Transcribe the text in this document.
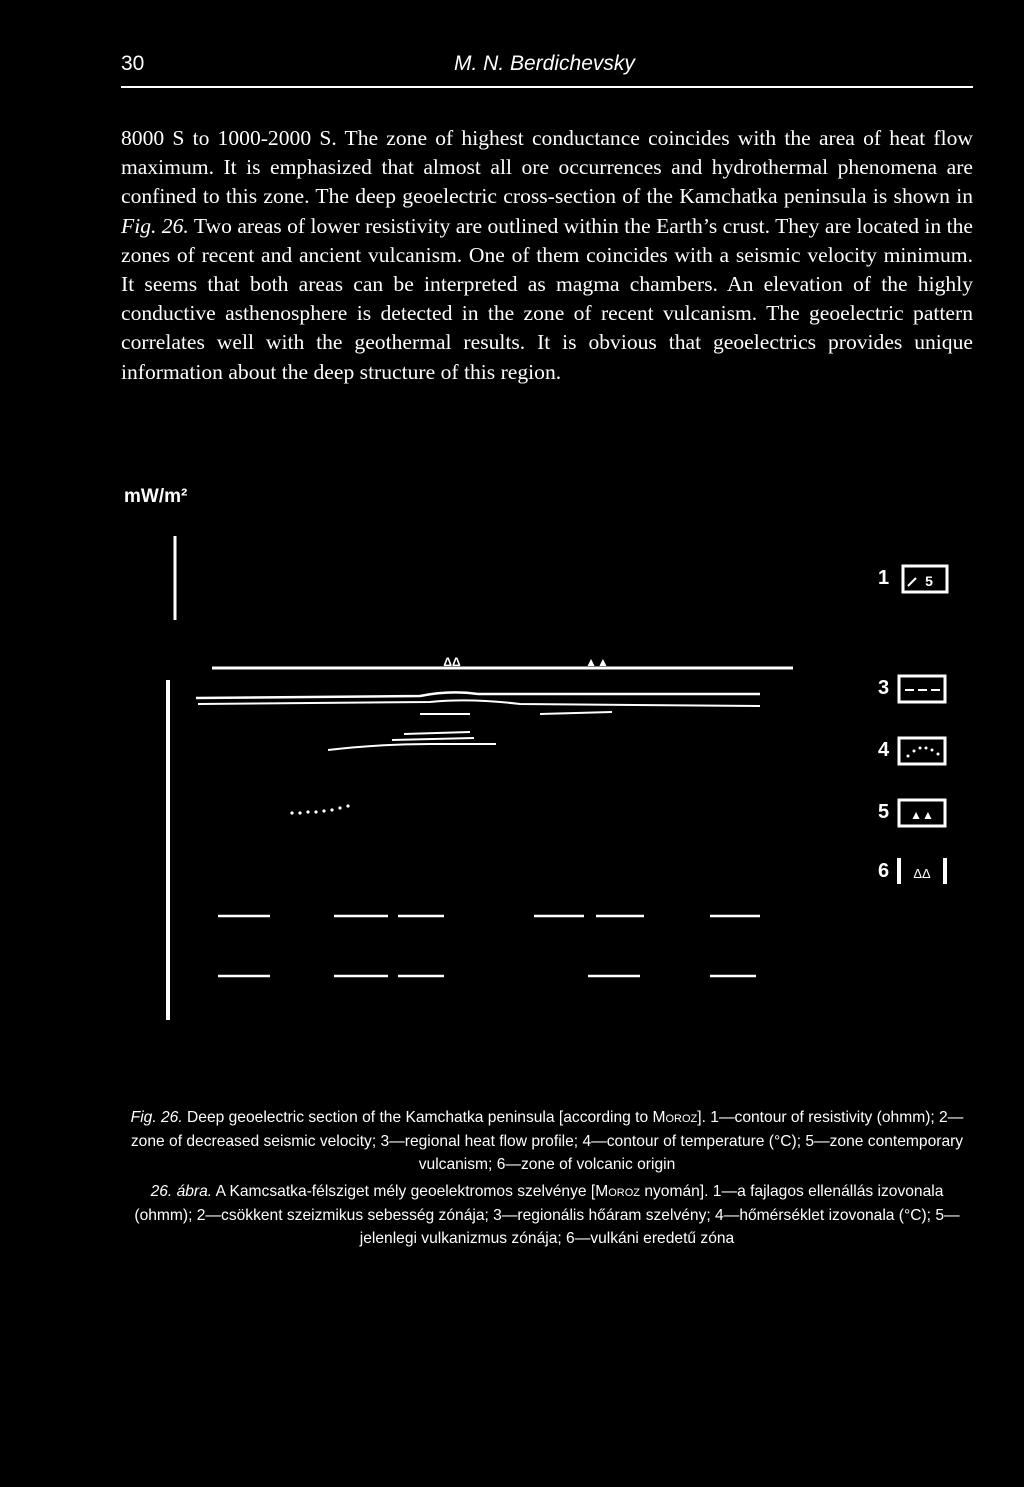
30	M. N. Berdichevsky

8000 S to 1000-2000 S. The zone of highest conductance coincides with the area of heat flow maximum. It is emphasized that almost all ore occurrences and hydrothermal phenomena are confined to this zone. The deep geoelectric cross-section of the Kamchatka peninsula is shown in Fig. 26. Two areas of lower resistivity are outlined within the Earth’s crust. They are located in the zones of recent and ancient vulcanism. One of them coincides with a seismic velocity minimum. It seems that both areas can be interpreted as magma chambers. An elevation of the highly conductive asthenosphere is detected in the zone of recent vulcanism. The geoelectric pattern correlates well with the geothermal results. It is obvious that geoelectrics provides unique information about the deep structure of this region.

mW/m²
ΔΔ	▲▲
5
▲▲
ΔΔ
1
3
4
5
6

Fig. 26. Deep geoelectric section of the Kamchatka peninsula [according to Moroz]. 1—contour of resistivity (ohmm); 2—zone of decreased seismic velocity; 3—regional heat flow profile; 4—contour of temperature (°C); 5—zone contemporary vulcanism; 6—zone of volcanic origin

26. ábra. A Kamcsatka-félsziget mély geoelektromos szelvénye [Moroz nyomán]. 1—a fajlagos ellenállás izovonala (ohmm); 2—csökkent szeizmikus sebesség zónája; 3—regionális hőáram szelvény; 4—hőmérséklet izovonala (°C); 5—jelenlegi vulkanizmus zónája; 6—vulkáni eredetű zóna
